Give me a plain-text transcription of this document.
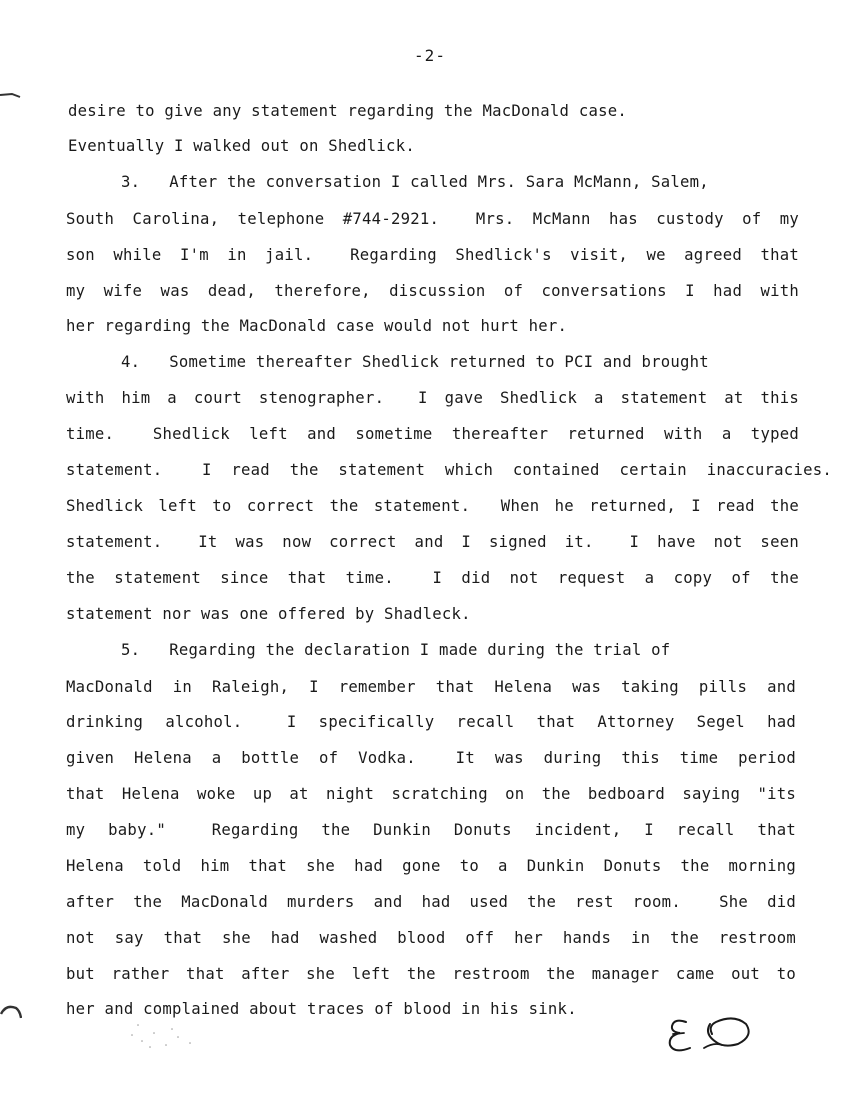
-2-
desire to give any statement regarding the MacDonald case.
Eventually I walked out on Shedlick.
3.   After the conversation I called Mrs. Sara McMann, Salem,
South Carolina, telephone #744-2921.  Mrs. McMann has custody of my
son while I'm in jail.  Regarding Shedlick's visit, we agreed that
my wife was dead, therefore, discussion of conversations I had with
her regarding the MacDonald case would not hurt her.
4.   Sometime thereafter Shedlick returned to PCI and brought
with him a court stenographer.  I gave Shedlick a statement at this
time.  Shedlick left and sometime thereafter returned with a typed
statement.  I read the statement which contained certain inaccuracies.
Shedlick left to correct the statement.  When he returned, I read the
statement.  It was now correct and I signed it.  I have not seen
the statement since that time.  I did not request a copy of the
statement nor was one offered by Shadleck.
5.   Regarding the declaration I made during the trial of
MacDonald in Raleigh, I remember that Helena was taking pills and
drinking alcohol.  I specifically recall that Attorney Segel had
given Helena a bottle of Vodka.  It was during this time period
that Helena woke up at night scratching on the bedboard saying "its
my baby."  Regarding the Dunkin Donuts incident, I recall that
Helena told him that she had gone to a Dunkin Donuts the morning
after the MacDonald murders and had used the rest room.  She did
not say that she had washed blood off her hands in the restroom
but rather that after she left the restroom the manager came out to
her and complained about traces of blood in his sink.
